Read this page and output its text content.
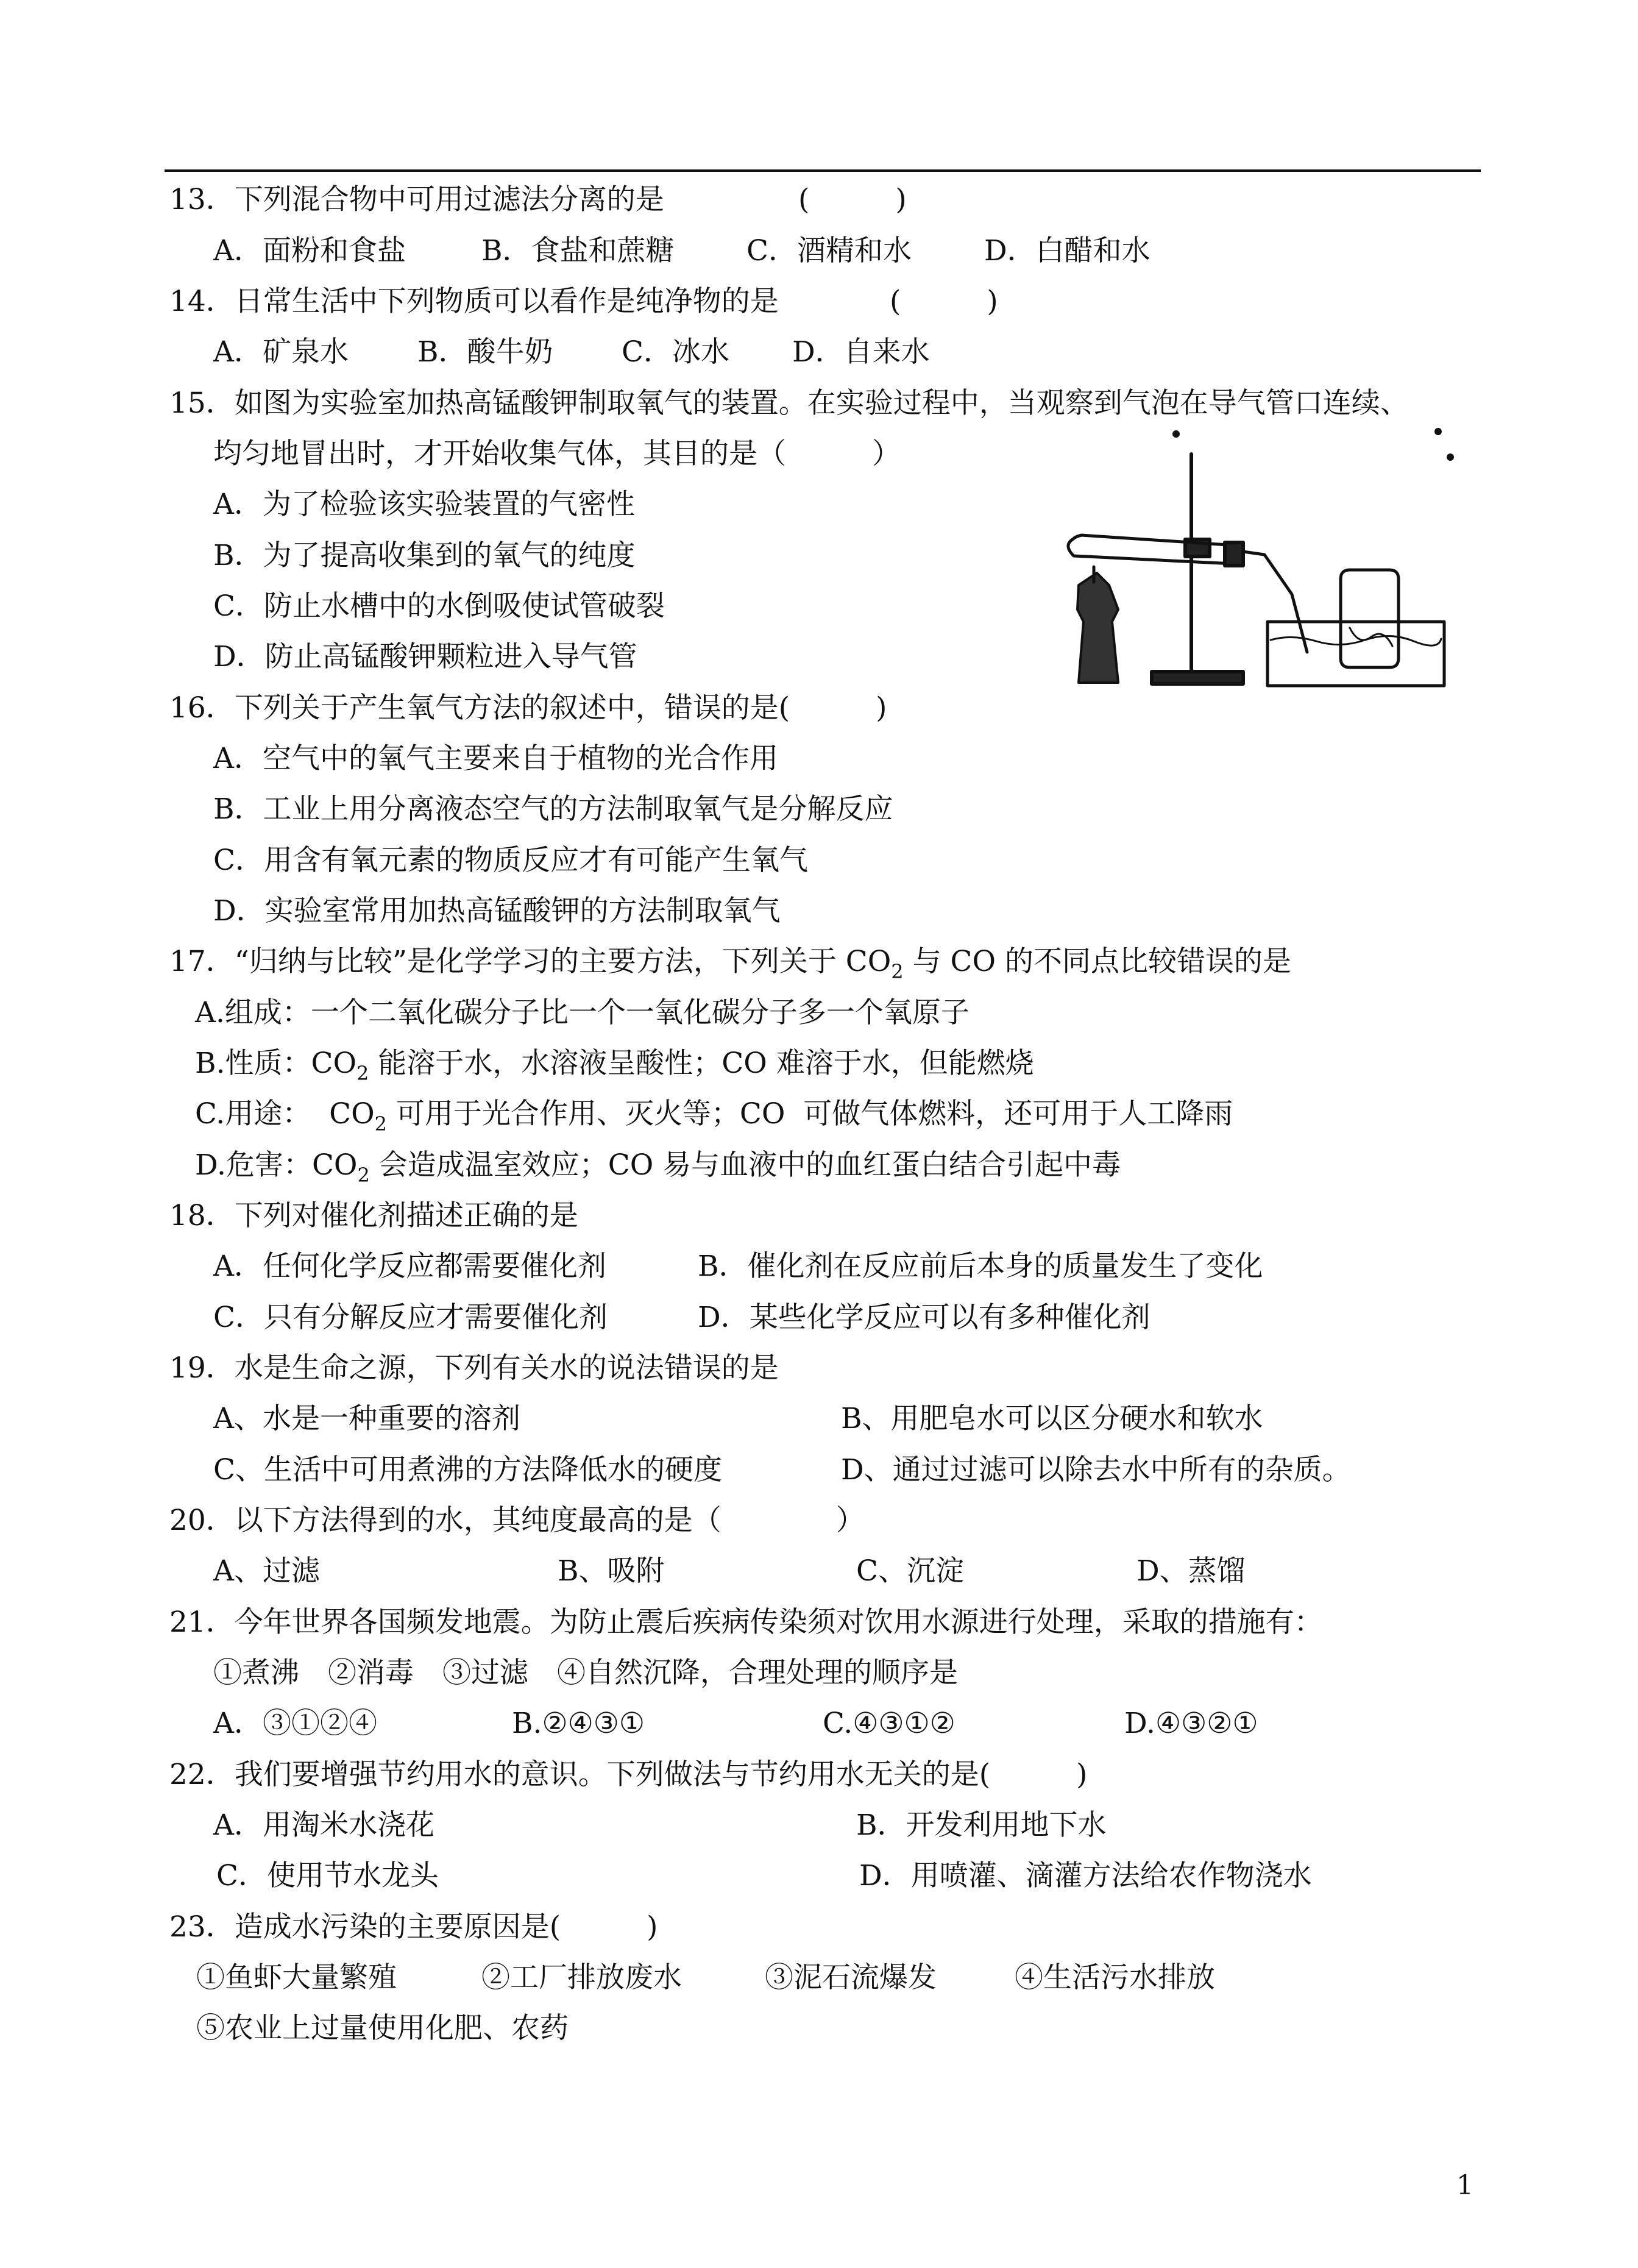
13．下列混合物中可用过滤法分离的是	(　　　)
A．面粉和食盐	B．食盐和蔗糖	C．酒精和水	D．白醋和水
14．日常生活中下列物质可以看作是纯净物的是	(　　　)
A．矿泉水 B．酸牛奶 C．冰水 D．自来水
15．如图为实验室加热高锰酸钾制取氧气的装置。在实验过程中，当观察到气泡在导气管口连续、
均匀地冒出时，才开始收集气体，其目的是（　　　）
A．为了检验该实验装置的气密性
B．为了提高收集到的氧气的纯度
C．防止水槽中的水倒吸使试管破裂
D．防止高锰酸钾颗粒进入导气管
16．下列关于产生氧气方法的叙述中，错误的是(　　　)
A．空气中的氧气主要来自于植物的光合作用
B．工业上用分离液态空气的方法制取氧气是分解反应
C．用含有氧元素的物质反应才有可能产生氧气
D．实验室常用加热高锰酸钾的方法制取氧气
17．“归纳与比较”是化学学习的主要方法，下列关于 $CO_2$ 与 CO 的不同点比较错误的是
A.组成：一个二氧化碳分子比一个一氧化碳分子多一个氧原子
B.性质：$CO_2$ 能溶于水，水溶液呈酸性；CO 难溶于水，但能燃烧
C.用途：  $CO_2$ 可用于光合作用、灭火等；CO  可做气体燃料，还可用于人工降雨
D.危害：$CO_2$ 会造成温室效应；CO 易与血液中的血红蛋白结合引起中毒
18．下列对催化剂描述正确的是
A．任何化学反应都需要催化剂	B．催化剂在反应前后本身的质量发生了变化
C．只有分解反应才需要催化剂	D．某些化学反应可以有多种催化剂
19．水是生命之源，下列有关水的说法错误的是
A、水是一种重要的溶剂	B、用肥皂水可以区分硬水和软水
C、生活中可用煮沸的方法降低水的硬度	D、通过过滤可以除去水中所有的杂质。
20．以下方法得到的水，其纯度最高的是（　　　　）
A、过滤	B、吸附	C、沉淀	D、蒸馏
21．今年世界各国频发地震。为防止震后疾病传染须对饮用水源进行处理，采取的措施有：
①煮沸　②消毒　③过滤　④自然沉降，合理处理的顺序是
A．③①②④	B.②④③①	C.④③①②	D.④③②①
22．我们要增强节约用水的意识。下列做法与节约用水无关的是(　　　)
A．用淘米水浇花	B．开发利用地下水
C．使用节水龙头	D．用喷灌、滴灌方法给农作物浇水
23．造成水污染的主要原因是(　　　)
①鱼虾大量繁殖	②工厂排放废水	③泥石流爆发	④生活污水排放
⑤农业上过量使用化肥、农药
1
